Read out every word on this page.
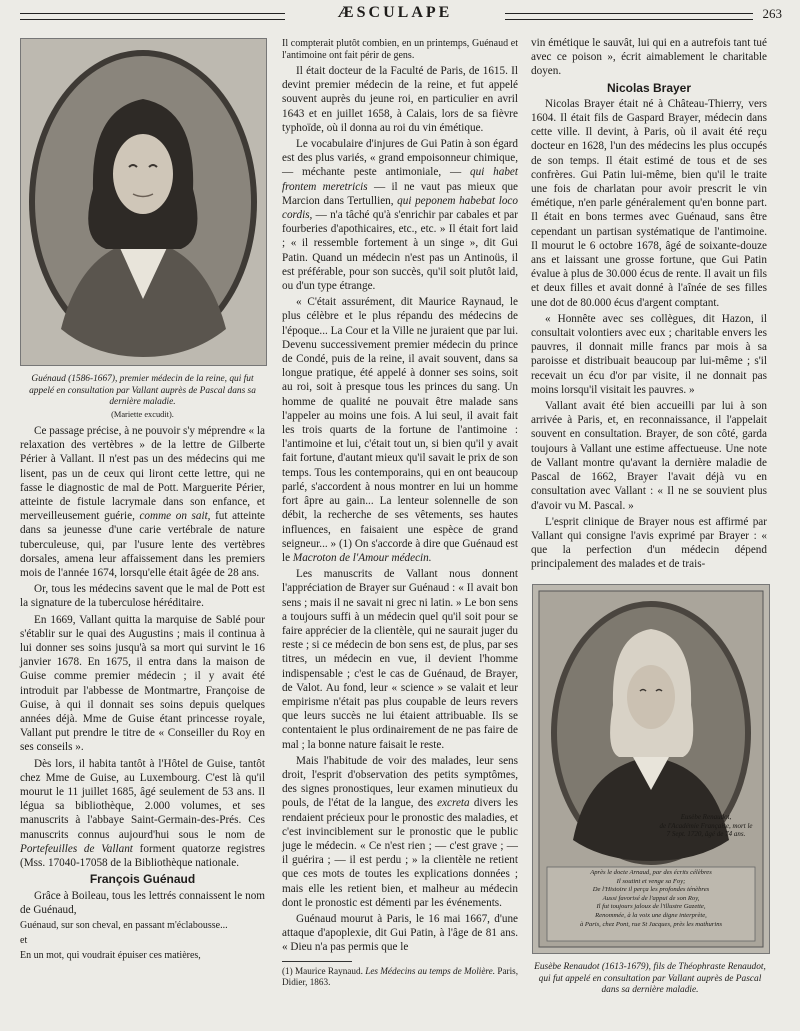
ÆSCULAPE	263
Guénaud (1586-1667), premier médecin de la reine, qui fut appelé en consultation par Vallant auprès de Pascal dans sa dernière maladie.
(Mariette excudit).

Ce passage précise, à ne pouvoir s'y méprendre « la relaxation des vertèbres » de la lettre de Gilberte Périer à Vallant. Il n'est pas un des médecins qui me lisent, pas un de ceux qui liront cette lettre, qui ne fasse le diagnostic de mal de Pott. Marguerite Périer, atteinte de fistule lacrymale dans son enfance, et merveilleusement guérie, comme on sait, fut atteinte dans sa jeunesse d'une carie vertébrale de nature tuberculeuse, qui, par l'usure lente des vertèbres dorsales, amena leur affaissement dans les premiers mois de l'année 1674, lorsqu'elle était âgée de 28 ans.

Or, tous les médecins savent que le mal de Pott est la signature de la tuberculose héréditaire.

En 1669, Vallant quitta la marquise de Sablé pour s'établir sur le quai des Augustins ; mais il continua à lui donner ses soins jusqu'à sa mort qui survint le 16 janvier 1678. En 1675, il entra dans la maison de Guise comme premier médecin ; il y avait été introduit par l'abbesse de Montmartre, Françoise de Guise, à qui il donnait ses soins depuis quelques années déjà. Mme de Guise étant princesse royale, Vallant put prendre le titre de « Conseiller du Roy en ses conseils ».

Dès lors, il habita tantôt à l'Hôtel de Guise, tantôt chez Mme de Guise, au Luxembourg. C'est là qu'il mourut le 11 juillet 1685, âgé seulement de 53 ans. Il légua sa bibliothèque, 2.000 volumes, et ses manuscrits à l'abbaye Saint-Germain-des-Prés. Ces manuscrits connus aujourd'hui sous le nom de Portefeuilles de Vallant forment quatorze registres (Mss. 17040-17058 de la Bibliothèque nationale.

François Guénaud

Grâce à Boileau, tous les lettrés connaissent le nom de Guénaud,

Guénaud, sur son cheval, en passant m'éclabousse...

et

En un mot, qui voudrait épuiser ces matières,

Il compterait plutôt combien, en un printemps, Guénaud et l'antimoine ont fait périr de gens.

Il était docteur de la Faculté de Paris, de 1615. Il devint premier médecin de la reine, et fut appelé souvent auprès du jeune roi, en particulier en avril 1643 et en juillet 1658, à Calais, lors de sa fièvre typhoïde, où il donna au roi du vin émétique.

Le vocabulaire d'injures de Gui Patin à son égard est des plus variés, « grand empoisonneur chimique, — méchante peste antimoniale, — qui habet frontem meretricis — il ne vaut pas mieux que Marcion dans Tertullien, qui peponem habebat loco cordis, — n'a tâché qu'à s'enrichir par cabales et par fourberies d'apothicaires, etc., etc. » Il était fort laid ; « il ressemble fortement à un singe », dit Gui Patin. Quand un médecin n'est pas un Antinoüs, il est préférable, pour son succès, qu'il soit plutôt laid, ou d'un type étrange.

« C'était assurément, dit Maurice Raynaud, le plus célèbre et le plus répandu des médecins de l'époque... La Cour et la Ville ne juraient que par lui. Devenu successivement premier médecin du prince de Condé, puis de la reine, il avait souvent, dans sa longue pratique, été appelé à donner ses soins, soit au roi, soit à presque tous les princes du sang. Un homme de qualité ne pouvait être malade sans l'appeler au moins une fois. A lui seul, il avait fait les trois quarts de la fortune de l'antimoine : l'antimoine et lui, c'était tout un, si bien qu'il y avait fait fortune, d'autant mieux qu'il savait le prix de son temps. Tous les contemporains, qui en ont beaucoup parlé, s'accordent à nous montrer en lui un homme fort âpre au gain... La lenteur solennelle de son débit, la recherche de ses vêtements, ses hautes influences, en faisaient une espèce de grand seigneur... » (1) On s'accorde à dire que Guénaud est le Macroton de l'Amour médecin.

Les manuscrits de Vallant nous donnent l'appréciation de Brayer sur Guénaud : « Il avait bon sens ; mais il ne savait ni grec ni latin. » Le bon sens a toujours suffi à un médecin quel qu'il soit pour se faire apprécier de la clientèle, qui ne saurait juger du reste ; si ce médecin de bon sens est, de plus, par ses titres, un médecin en vue, il devient l'homme indispensable ; c'est le cas de Guénaud, de Brayer, de Valot. Au fond, leur « science » se valait et leur empirisme n'était pas plus coupable de leurs revers que leurs succès ne lui étaient attribuable. Ils se contentaient le plus ordinairement de ne pas faire de mal ; la bonne nature faisait le reste.

Mais l'habitude de voir des malades, leur sens droit, l'esprit d'observation des petits symptômes, des signes pronostiques, leur examen minutieux du pouls, de l'état de la langue, des excreta divers les rendaient précieux pour le pronostic des maladies, et c'est invinciblement sur le pronostic que le public juge le médecin. « Ce n'est rien ; — c'est grave ; — il guérira ; — il est perdu ; » la clientèle ne retient que ces mots de toutes les explications données ; mais elle les retient bien, et malheur au médecin dont le pronostic est démenti par les événements.

Guénaud mourut à Paris, le 16 mai 1667, d'une attaque d'apoplexie, dit Gui Patin, à l'âge de 81 ans. « Dieu n'a pas permis que le

(1) Maurice Raynaud. Les Médecins au temps de Molière. Paris, Didier, 1863.

vin émétique le sauvât, lui qui en a autrefois tant tué avec ce poison », écrit aimablement le charitable doyen.

Nicolas Brayer

Nicolas Brayer était né à Château-Thierry, vers 1604. Il était fils de Gaspard Brayer, médecin dans cette ville. Il devint, à Paris, où il avait été reçu docteur en 1628, l'un des médecins les plus occupés de son temps. Il était estimé de tous et de ses confrères. Gui Patin lui-même, bien qu'il le traite une fois de charlatan pour avoir prescrit le vin émétique, n'en parle généralement qu'en bonne part. Il était en bons termes avec Guénaud, sans être cependant un partisan systématique de l'antimoine. Il mourut le 6 octobre 1678, âgé de soixante-douze ans et laissant une grosse fortune, que Gui Patin évalue à plus de 30.000 écus de rente. Il avait un fils et deux filles et avait donné à l'aînée de ses filles une dot de 80.000 écus d'argent comptant.

« Honnête avec ses collègues, dit Hazon, il consultait volontiers avec eux ; charitable envers les pauvres, il donnait mille francs par mois à sa paroisse et distribuait beaucoup par lui-même ; s'il recevait un écu d'or par visite, il ne donnait pas moins lorsqu'il visitait les pauvres. »

Vallant avait été bien accueilli par lui à son arrivée à Paris, et, en reconnaissance, il l'appelait souvent en consultation. Brayer, de son côté, garda toujours à Vallant une estime affectueuse. Une note de Vallant montre qu'avant la dernière maladie de Pascal de 1662, Brayer l'avait déjà vu en consultation avec Vallant : « Il ne se souvient plus d'avoir vu M. Pascal. »

L'esprit clinique de Brayer nous est affirmé par Vallant qui consigne l'avis exprimé par Brayer : « que la perfection d'un médecin dépend principalement des malades et de trais-

Eusèbe Renaudot,
de l'Académie Française, mort le
7 Sept. 1720, âgé de 74 ans.
Après le docte Arnaud, par des écrits célèbres
Il soutint et venge sa Foy;
De l'Histoire il perça les profondes ténèbres
Aussi favorisé de l'appui de son Roy,
Il fut toujours jaloux de l'illustre Gazette,
Renommée, à la voix une digne interprète,
à Paris, chez Pont, rue St Jacques, près les mathurins
Eusèbe Renaudot (1613-1679), fils de Théophraste Renaudot, qui fut appelé en consultation par Vallant auprès de Pascal dans sa dernière maladie.
